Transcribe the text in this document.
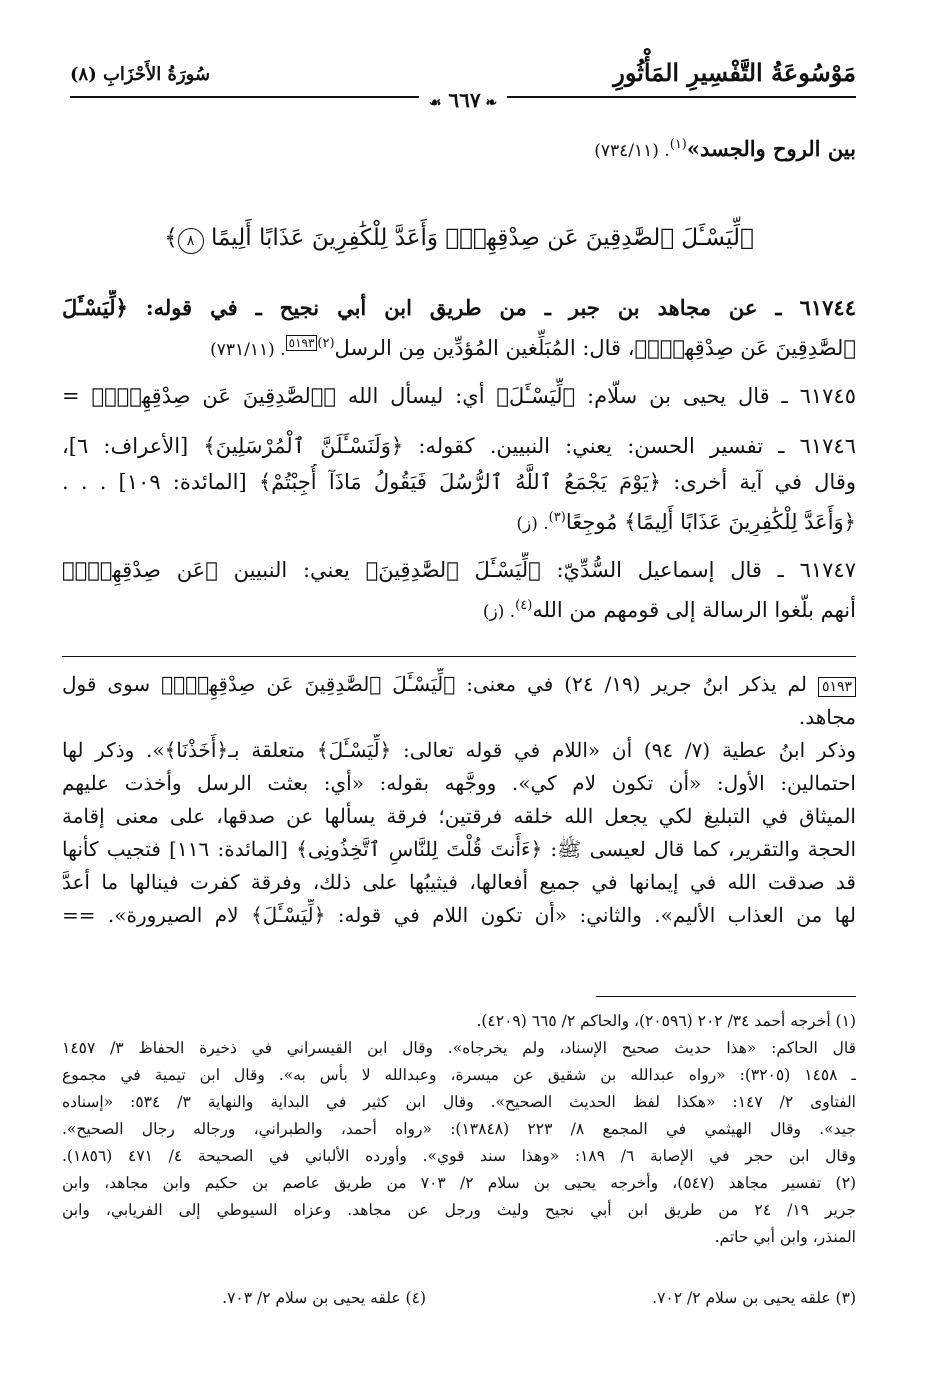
مَوْسُوعَةُ التَّفْسِيرِ المَأْثُورِ
سُورَةُ الأَحْزَابِ (٨)
❧ ٦٦٧ ☙
بين الروح والجسد»$^{(١)}$. (٧٣٤/١١)
﴿لِّيَسْـَٔلَ ٱلصَّٰدِقِينَ عَن صِدْقِهِمْۚ وَأَعَدَّ لِلْكَٰفِرِينَ عَذَابًا أَلِيمًا ٨﴾
٦١٧٤٤ ـ عن مجاهد بن جبر ـ من طريق ابن أبي نجيح ـ في قوله: ﴿لِّيَسْـَٔلَ
ٱلصَّٰدِقِينَ عَن صِدْقِهِمْۚ﴾، قال: المُبَلِّغين المُؤدِّين مِن الرسل$^{(٢)}$٥١٩٣. (٧٣١/١١)
٦١٧٤٥ ـ قال يحيى بن سلّام: ﴿لِّيَسْـَٔلَ﴾ أي: ليسأل الله ﴿ٱلصَّٰدِقِينَ عَن صِدْقِهِمْۚ﴾ =
٦١٧٤٦ ـ تفسير الحسن: يعني: النبيين. كقوله: ﴿وَلَنَسْـَٔلَنَّ ٱلْمُرْسَلِينَ﴾ [الأعراف: ٦]،
وقال في آية أخرى: ﴿يَوْمَ يَجْمَعُ ٱللَّهُ ٱلرُّسُلَ فَيَقُولُ مَاذَآ أُجِبْتُمْ﴾ [المائدة: ١٠٩] . . .
﴿وَأَعَدَّ لِلْكَٰفِرِينَ عَذَابًا أَلِيمًا﴾ مُوجِعًا$^{(٣)}$. (ز)
٦١٧٤٧ ـ قال إسماعيل السُّدِّيّ: ﴿لِّيَسْـَٔلَ ٱلصَّٰدِقِينَ﴾ يعني: النبيين ﴿عَن صِدْقِهِمْۚ﴾
أنهم بلّغوا الرسالة إلى قومهم من الله$^{(٤)}$. (ز)
٥١٩٣ لم يذكر ابنُ جرير (١٩/ ٢٤) في معنى: ﴿لِّيَسْـَٔلَ ٱلصَّٰدِقِينَ عَن صِدْقِهِمْۚ﴾ سوى قول
مجاهد.
وذكر ابنُ عطية (٧/ ٩٤) أن «اللام في قوله تعالى: ﴿لِّيَسْـَٔلَ﴾ متعلقة بـ﴿أَخَذْنَا﴾». وذكر لها
احتمالين: الأول: «أن تكون لام كي». ووجَّهه بقوله: «أي: بعثت الرسل وأخذت عليهم
الميثاق في التبليغ لكي يجعل الله خلقه فرقتين؛ فرقة يسألها عن صدقها، على معنى إقامة
الحجة والتقرير، كما قال لعيسى ﷺ: ﴿ءَأَنتَ قُلْتَ لِلنَّاسِ ٱتَّخِذُونِى﴾ [المائدة: ١١٦] فتجيب كأنها
قد صدقت الله في إيمانها في جميع أفعالها، فيثيبُها على ذلك، وفرقة كفرت فينالها ما أعدَّ
لها من العذاب الأليم». والثاني: «أن تكون اللام في قوله: ﴿لِّيَسْـَٔلَ﴾ لام الصيرورة». ==
(١) أخرجه أحمد ٣٤/ ٢٠٢ (٢٠٥٩٦)، والحاكم ٢/ ٦٦٥ (٤٢٠٩).
قال الحاكم: «هذا حديث صحيح الإسناد، ولم يخرجاه». وقال ابن القيسراني في ذخيرة الحفاظ ٣/ ١٤٥٧
ـ ١٤٥٨ (٣٢٠٥): «رواه عبدالله بن شقيق عن ميسرة، وعبدالله لا بأس به». وقال ابن تيمية في مجموع
الفتاوى ٢/ ١٤٧: «هكذا لفظ الحديث الصحيح». وقال ابن كثير في البداية والنهاية ٣/ ٥٣٤: «إسناده
جيد». وقال الهيثمي في المجمع ٨/ ٢٢٣ (١٣٨٤٨): «رواه أحمد، والطبراني، ورجاله رجال الصحيح».
وقال ابن حجر في الإصابة ٦/ ١٨٩: «وهذا سند قوي». وأورده الألباني في الصحيحة ٤/ ٤٧١ (١٨٥٦).
(٢) تفسير مجاهد (٥٤٧)، وأخرجه يحيى بن سلام ٢/ ٧٠٣ من طريق عاصم بن حكيم وابن مجاهد، وابن
جرير ١٩/ ٢٤ من طريق ابن أبي نجيح وليث ورجل عن مجاهد. وعزاه السيوطي إلى الفريابي، وابن
المنذر، وابن أبي حاتم.
(٣) علقه يحيى بن سلام ٢/ ٧٠٢.
(٤) علقه يحيى بن سلام ٢/ ٧٠٣.
